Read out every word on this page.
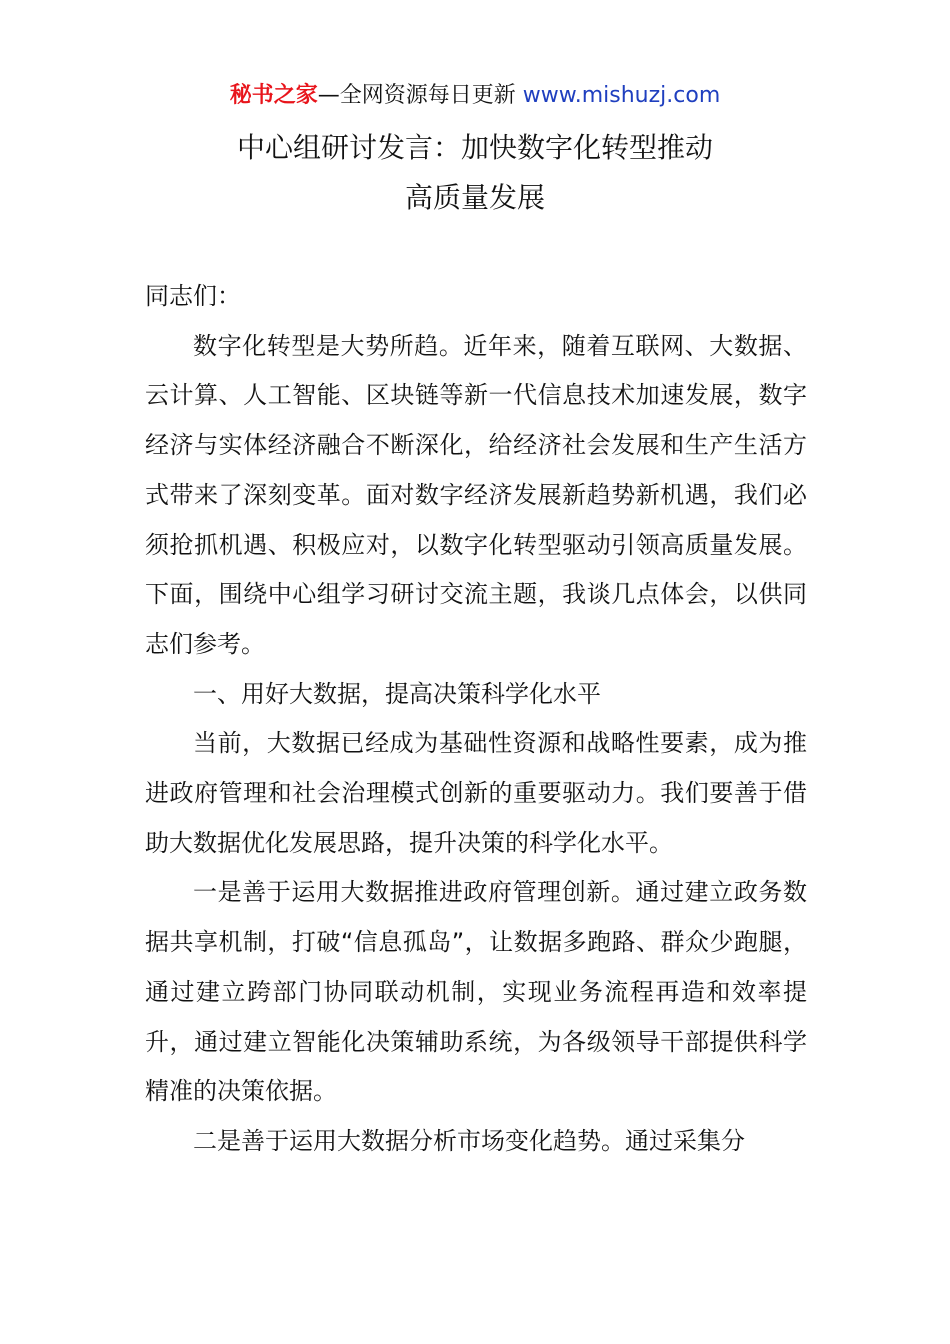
秘书之家—全网资源每日更新 www.mishuzj.com
中心组研讨发言：加快数字化转型推动
高质量发展

同志们：

数字化转型是大势所趋。近年来，随着互联网、大数据、云计算、人工智能、区块链等新一代信息技术加速发展，数字经济与实体经济融合不断深化，给经济社会发展和生产生活方式带来了深刻变革。面对数字经济发展新趋势新机遇，我们必须抢抓机遇、积极应对，以数字化转型驱动引领高质量发展。下面，围绕中心组学习研讨交流主题，我谈几点体会，以供同志们参考。

一、用好大数据，提高决策科学化水平

当前，大数据已经成为基础性资源和战略性要素，成为推进政府管理和社会治理模式创新的重要驱动力。我们要善于借助大数据优化发展思路，提升决策的科学化水平。

一是善于运用大数据推进政府管理创新。通过建立政务数据共享机制，打破“信息孤岛”，让数据多跑路、群众少跑腿，通过建立跨部门协同联动机制，实现业务流程再造和效率提升，通过建立智能化决策辅助系统，为各级领导干部提供科学精准的决策依据。

二是善于运用大数据分析市场变化趋势。通过采集分
